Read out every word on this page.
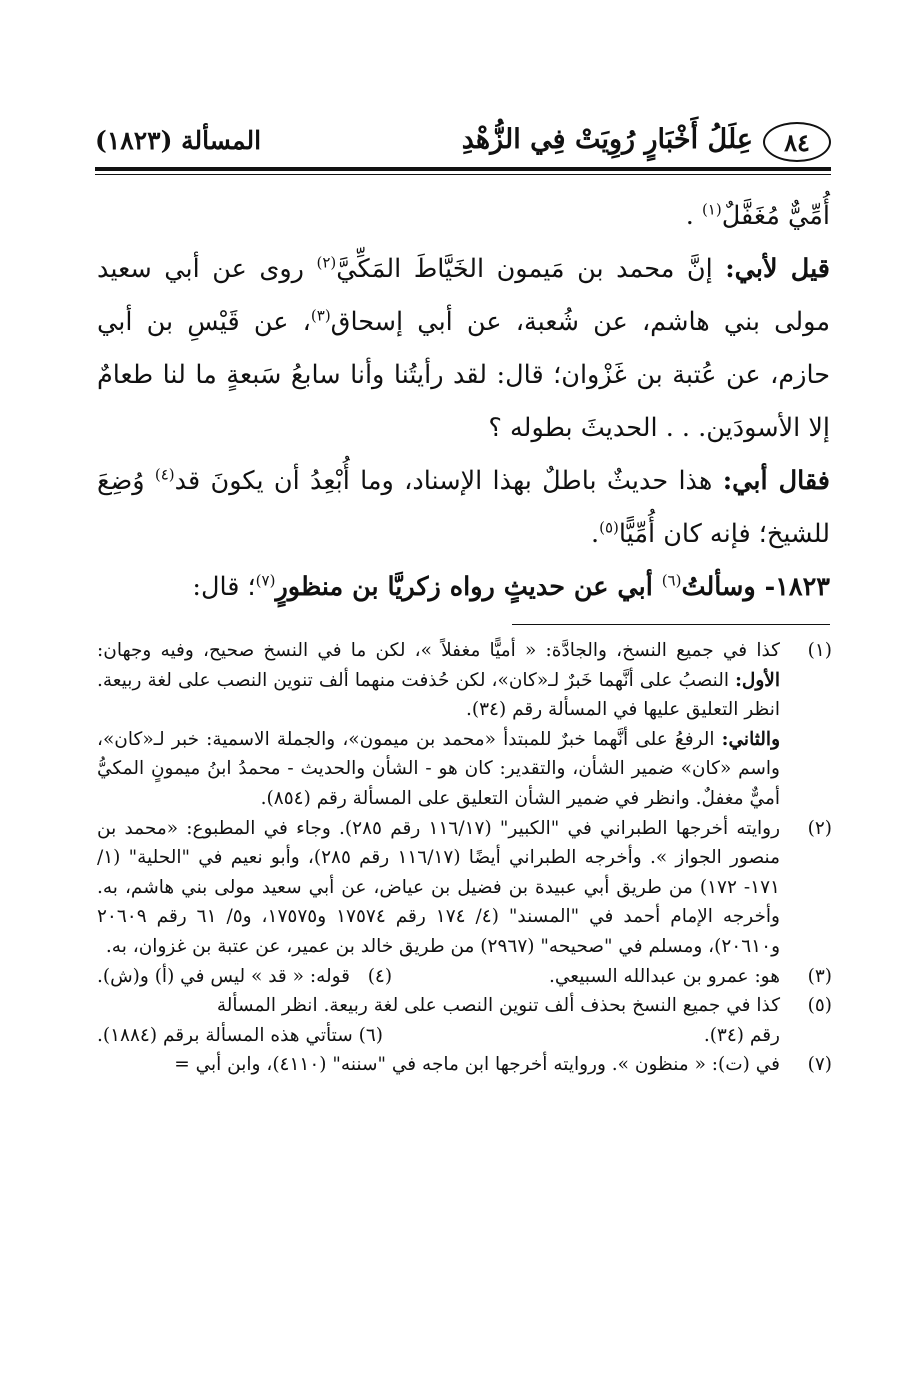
٨٤
عِلَلُ أَخْبَارٍ رُوِيَتْ فِي الزُّهْدِ
المسألة (١٨٢٣)

أُمِّيٌّ مُغَفَّلٌ$^{(١)}$ .

قيل لأبي: إنَّ محمد بن مَيمون الخَيَّاطَ المَكِّيَّ$^{(٢)}$ روى عن أبي سعيد مولى بني هاشم، عن شُعبة، عن أبي إسحاق$^{(٣)}$، عن قَيْسِ بن أبي حازم، عن عُتبة بن غَزْوان؛ قال: لقد رأيتُنا وأنا سابعُ سَبعةٍ ما لنا طعامٌ إلا الأسودَين. . . الحديثَ بطوله ؟

فقال أبي: هذا حديثٌ باطلٌ بهذا الإسناد، وما أُبْعِدُ أن يكونَ قد$^{(٤)}$ وُضِعَ للشيخ؛ فإنه كان أُمِّيًّا$^{(٥)}$.

١٨٢٣- وسألتُ$^{(٦)}$ أبي عن حديثٍ رواه زكريَّا بن منظورٍ$^{(٧)}$؛ قال:

(١)
كذا في جميع النسخ، والجادَّة: « أميًّا مغفلاً »، لكن ما في النسخ صحيح، وفيه وجهان: الأول: النصبُ على أنَّهما خَبرٌ لـ«كان»، لكن حُذفت منهما ألف تنوين النصب على لغة ربيعة. انظر التعليق عليها في المسألة رقم (٣٤).
والثاني: الرفعُ على أنَّهما خبرٌ للمبتدأ «محمد بن ميمون»، والجملة الاسمية: خبر لـ«كان»، واسم «كان» ضمير الشأن، والتقدير: كان هو - الشأن والحديث - محمدُ ابنُ ميمونٍ المكيُّ أميٌّ مغفلٌ. وانظر في ضمير الشأن التعليق على المسألة رقم (٨٥٤).
(٢)
روايته أخرجها الطبراني في "الكبير" (١١٦/١٧ رقم ٢٨٥). وجاء في المطبوع: «محمد بن منصور الجواز ». وأخرجه الطبراني أيضًا (١١٦/١٧ رقم ٢٨٥)، وأبو نعيم في "الحلية" (١/ ١٧١- ١٧٢) من طريق أبي عبيدة بن فضيل بن عياض، عن أبي سعيد مولى بني هاشم، به. وأخرجه الإمام أحمد في "المسند" (٤/ ١٧٤ رقم ١٧٥٧٤ و١٧٥٧٥، و٥/ ٦١ رقم ٢٠٦٠٩ و٢٠٦١٠)، ومسلم في "صحيحه" (٢٩٦٧) من طريق خالد بن عمير، عن عتبة بن غزوان، به.
(٣)
هو: عمرو بن عبدالله السبيعي.
(٤)   قوله: « قد » ليس في (أ) و(ش).
(٥)
كذا في جميع النسخ بحذف ألف تنوين النصب على لغة ربيعة. انظر المسألة
رقم (٣٤).
(٦) ستأتي هذه المسألة برقم (١٨٨٤).
(٧)
في (ت): « منظون ». وروايته أخرجها ابن ماجه في "سننه" (٤١١٠)، وابن أبي =
